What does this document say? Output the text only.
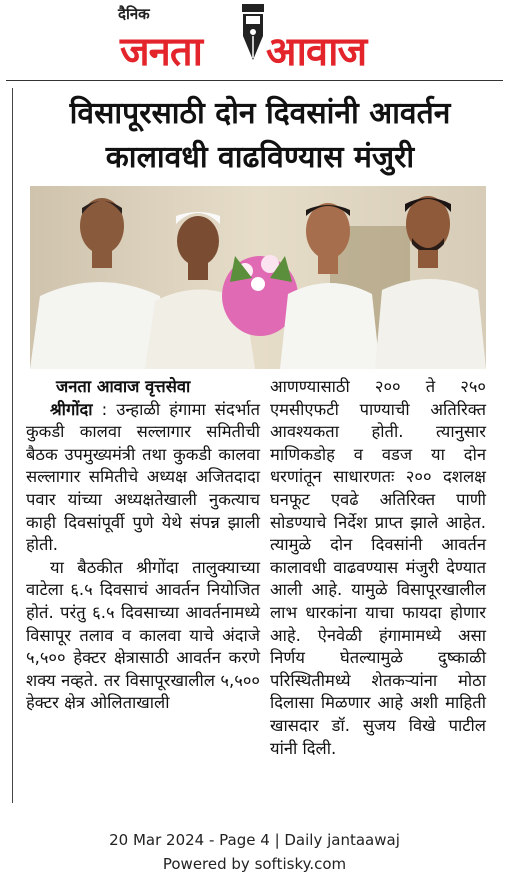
दैनिक
जनता आवाज
विसापूरसाठी दोन दिवसांनी आवर्तन
कालावधी वाढविण्यास मंजुरी
जनता आवाज वृत्तसेवा

श्रीगोंदा : उन्हाळी हंगामा संदर्भात कुकडी कालवा सल्लागार समितीची बैठक उपमुख्यमंत्री तथा कुकडी कालवा सल्लागार समितीचे अध्यक्ष अजितदादा पवार यांच्या अध्यक्षतेखाली नुकत्याच काही दिवसांपूर्वी पुणे येथे संपन्न झाली होती.

या बैठकीत श्रीगोंदा तालुक्याच्या वाटेला ६.५ दिवसाचं आवर्तन नियोजित होतं. परंतु ६.५ दिवसाच्या आवर्तनामध्ये विसापूर तलाव व कालवा याचे अंदाजे ५,५०० हेक्टर क्षेत्रासाठी आवर्तन करणे शक्य नव्हते. तर विसापूरखालील ५,५०० हेक्टर क्षेत्र ओलिताखाली

आणण्यासाठी २०० ते २५० एमसीएफटी पाण्याची अतिरिक्त आवश्यकता होती. त्यानुसार माणिकडोह व वडज या दोन धरणांतून साधारणतः २०० दशलक्ष घनफूट एवढे अतिरिक्त पाणी सोडण्याचे निर्देश प्राप्त झाले आहेत. त्यामुळे दोन दिवसांनी आवर्तन कालावधी वाढवण्यास मंजुरी देण्यात आली आहे. यामुळे विसापूरखालील लाभ धारकांना याचा फायदा होणार आहे. ऐनवेळी हंगामामध्ये असा निर्णय घेतल्यामुळे दुष्काळी परिस्थितीमध्ये शेतकऱ्यांना मोठा दिलासा मिळणार आहे अशी माहिती खासदार डॉ. सुजय विखे पाटील यांनी दिली.

20 Mar 2024 - Page 4 | Daily jantaawaj
Powered by softisky.com
